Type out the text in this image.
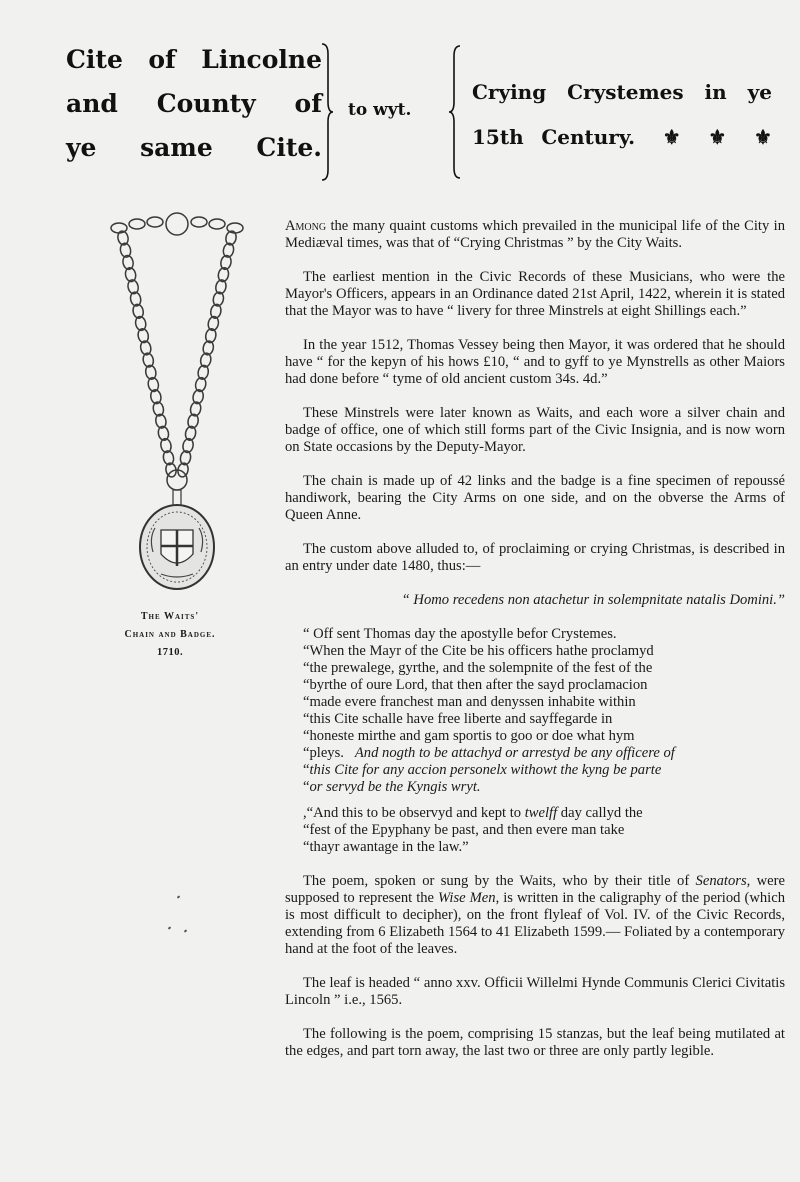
Cite of Lincolne
and County of
ye same Cite.
to wyt.
Crying Crystemes in ye
15th Century. ⚜ ⚜ ⚜
The Waits'
Chain and Badge.
1710.

Among the many quaint customs which prevailed in the municipal life of the City in Mediæval times, was that of “Crying Christmas ” by the City Waits.

The earliest mention in the Civic Records of these Musicians, who were the Mayor's Officers, appears in an Ordinance dated 21st April, 1422, wherein it is stated that the Mayor was to have “ livery for three Minstrels at eight Shillings each.”

In the year 1512, Thomas Vessey being then Mayor, it was ordered that he should have “ for the kepyn of his hows £10, “ and to gyff to ye Mynstrells as other Maiors had done before “ tyme of old ancient custom 34s. 4d.”

These Minstrels were later known as Waits, and each wore a silver chain and badge of office, one of which still forms part of the Civic Insignia, and is now worn on State occasions by the Deputy-Mayor.

The chain is made up of 42 links and the badge is a fine specimen of repoussé handiwork, bearing the City Arms on one side, and on the obverse the Arms of Queen Anne.

The custom above alluded to, of proclaiming or crying Christmas, is described in an entry under date 1480, thus:—

“ Homo recedens non atachetur in solempnitate natalis Domini.”

“ Off sent Thomas day the apostylle befor Crystemes.

“When the Mayr of the Cite be his officers hathe proclamyd

“the prewalege, gyrthe, and the solempnite of the fest of the

“byrthe of oure Lord, that then after the sayd proclamacion

“made evere franchest man and denyssen inhabite within

“this Cite schalle have free liberte and sayffegarde in

“honeste mirthe and gam sportis to goo or doe what hym

“pleys. And nogth to be attachyd or arrestyd be any officere of

“this Cite for any accion personelx withowt the kyng be parte

“or servyd be the Kyngis wryt.

,“And this to be observyd and kept to twelff day callyd the

“fest of the Epyphany be past, and then evere man take

“thayr awantage in the law.”

The poem, spoken or sung by the Waits, who by their title of Senators, were supposed to represent the Wise Men, is written in the caligraphy of the period (which is most difficult to decipher), on the front flyleaf of Vol. IV. of the Civic Records, extending from 6 Elizabeth 1564 to 41 Elizabeth 1599.— Foliated by a contemporary hand at the foot of the leaves.

The leaf is headed “ anno xxv. Officii Willelmi Hynde Communis Clerici Civitatis Lincoln ” i.e., 1565.

The following is the poem, comprising 15 stanzas, but the leaf being mutilated at the edges, and part torn away, the last two or three are only partly legible.
